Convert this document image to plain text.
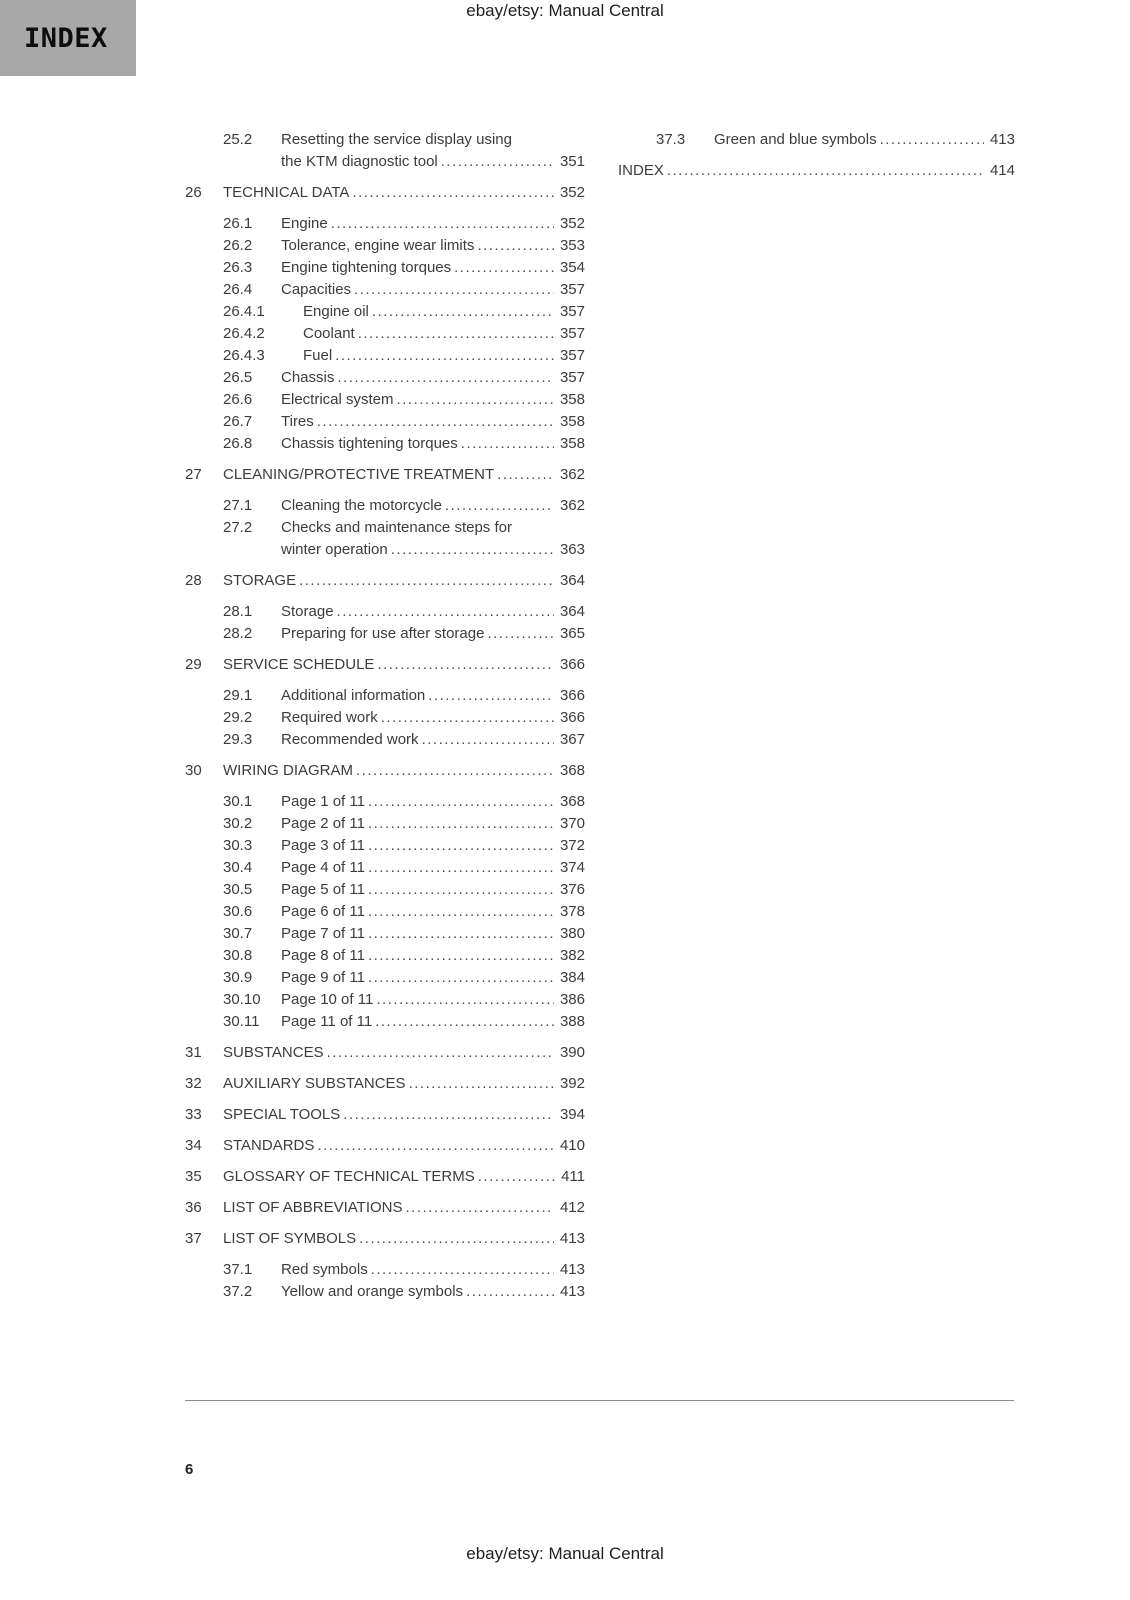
ebay/etsy: Manual Central
INDEX
25.2	Resetting the service display using
the KTM diagnostic tool .....	351
26	TECHNICAL DATA .....	352
26.1	Engine .....	352
26.2	Tolerance, engine wear limits .....	353
26.3	Engine tightening torques .....	354
26.4	Capacities .....	357
26.4.1	Engine oil .....	357
26.4.2	Coolant .....	357
26.4.3	Fuel .....	357
26.5	Chassis .....	357
26.6	Electrical system .....	358
26.7	Tires .....	358
26.8	Chassis tightening torques .....	358
27	CLEANING/PROTECTIVE TREATMENT .....	362
27.1	Cleaning the motorcycle .....	362
27.2	Checks and maintenance steps for
winter operation .....	363
28	STORAGE .....	364
28.1	Storage .....	364
28.2	Preparing for use after storage .....	365
29	SERVICE SCHEDULE .....	366
29.1	Additional information .....	366
29.2	Required work .....	366
29.3	Recommended work .....	367
30	WIRING DIAGRAM .....	368
30.1	Page 1 of 11 .....	368
30.2	Page 2 of 11 .....	370
30.3	Page 3 of 11 .....	372
30.4	Page 4 of 11 .....	374
30.5	Page 5 of 11 .....	376
30.6	Page 6 of 11 .....	378
30.7	Page 7 of 11 .....	380
30.8	Page 8 of 11 .....	382
30.9	Page 9 of 11 .....	384
30.10	Page 10 of 11 .....	386
30.11	Page 11 of 11 .....	388
31	SUBSTANCES .....	390
32	AUXILIARY SUBSTANCES .....	392
33	SPECIAL TOOLS .....	394
34	STANDARDS .....	410
35	GLOSSARY OF TECHNICAL TERMS .....	411
36	LIST OF ABBREVIATIONS .....	412
37	LIST OF SYMBOLS .....	413
37.1	Red symbols .....	413
37.2	Yellow and orange symbols .....	413
37.3	Green and blue symbols .....	413
INDEX .....	414
6
ebay/etsy: Manual Central
